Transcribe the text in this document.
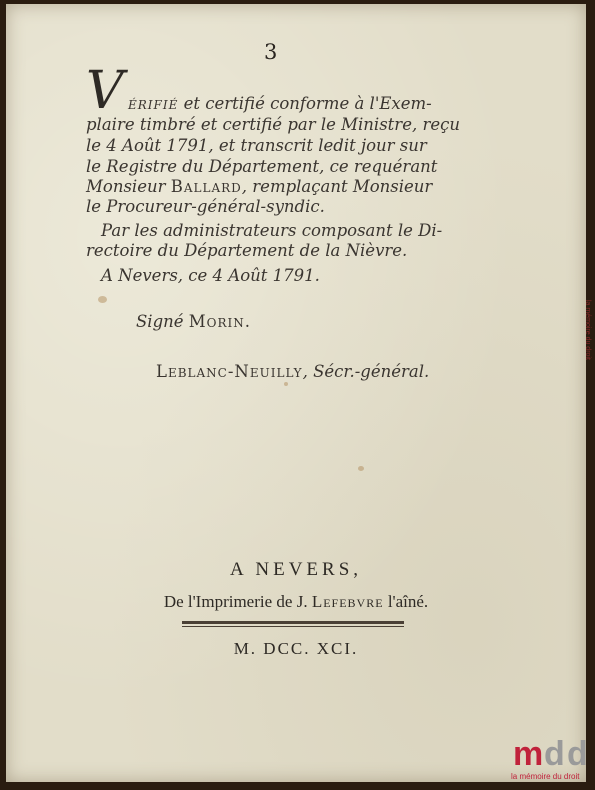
3
V érifié et certifié conforme à l'Exem-
plaire timbré et certifié par le Ministre, reçu
le 4 Août 1791, et transcrit ledit jour sur
le Registre du Département, ce requérant
Monsieur Ballard, remplaçant Monsieur
le Procureur-général-syndic.
Par les administrateurs composant le Di-
rectoire du Département de la Nièvre.
A Nevers, ce 4 Août 1791.
Signé Morin.
Leblanc-Neuilly, Sécr.-général.
A NEVERS,
De l'Imprimerie de J. Lefebvre l'aîné.
M. DCC. XCI.
la mémoire du droit
m d d
la mémoire du droit
